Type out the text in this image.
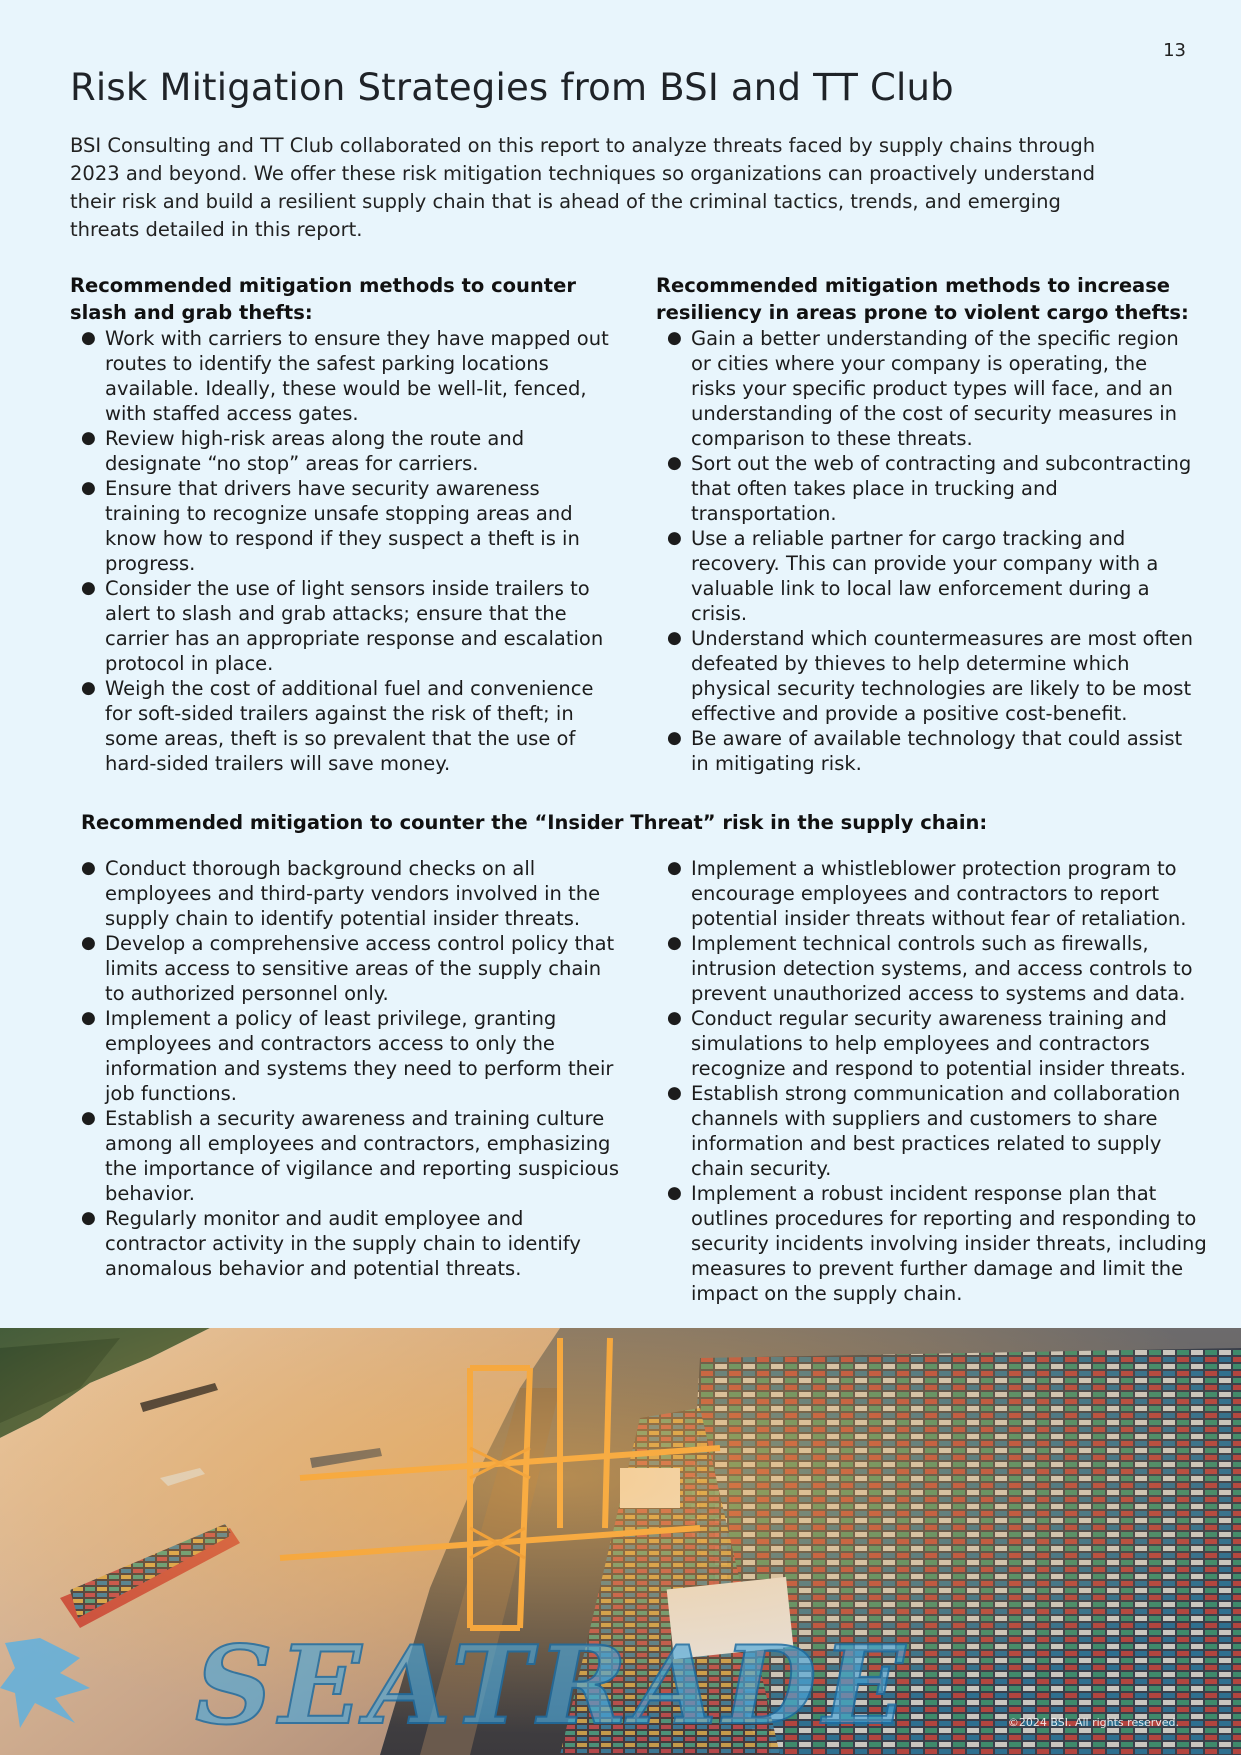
13
Risk Mitigation Strategies from BSI and TT Club

BSI Consulting and TT Club collaborated on this report to analyze threats faced by supply chains through 2023 and beyond. We offer these risk mitigation techniques so organizations can proactively understand their risk and build a resilient supply chain that is ahead of the criminal tactics, trends, and emerging threats detailed in this report.

Recommended mitigation methods to counter slash and grab thefts:
● Work with carriers to ensure they have mapped out routes to identify the safest parking locations available. Ideally, these would be well-lit, fenced, with staffed access gates.
● Review high-risk areas along the route and designate “no stop” areas for carriers.
● Ensure that drivers have security awareness training to recognize unsafe stopping areas and know how to respond if they suspect a theft is in progress.
● Consider the use of light sensors inside trailers to alert to slash and grab attacks; ensure that the carrier has an appropriate response and escalation protocol in place.
● Weigh the cost of additional fuel and convenience for soft-sided trailers against the risk of theft; in some areas, theft is so prevalent that the use of hard-sided trailers will save money.
Recommended mitigation methods to increase resiliency in areas prone to violent cargo thefts:
● Gain a better understanding of the specific region or cities where your company is operating, the risks your specific product types will face, and an understanding of the cost of security measures in comparison to these threats.
● Sort out the web of contracting and subcontracting that often takes place in trucking and transportation.
● Use a reliable partner for cargo tracking and recovery. This can provide your company with a valuable link to local law enforcement during a crisis.
● Understand which countermeasures are most often defeated by thieves to help determine which physical security technologies are likely to be most effective and provide a positive cost-benefit.
● Be aware of available technology that could assist in mitigating risk.
Recommended mitigation to counter the “Insider Threat” risk in the supply chain:
● Conduct thorough background checks on all employees and third-party vendors involved in the supply chain to identify potential insider threats.
● Develop a comprehensive access control policy that limits access to sensitive areas of the supply chain to authorized personnel only.
● Implement a policy of least privilege, granting employees and contractors access to only the information and systems they need to perform their job functions.
● Establish a security awareness and training culture among all employees and contractors, emphasizing the importance of vigilance and reporting suspicious behavior.
● Regularly monitor and audit employee and contractor activity in the supply chain to identify anomalous behavior and potential threats.
● Implement a whistleblower protection program to encourage employees and contractors to report potential insider threats without fear of retaliation.
● Implement technical controls such as firewalls, intrusion detection systems, and access controls to prevent unauthorized access to systems and data.
● Conduct regular security awareness training and simulations to help employees and contractors recognize and respond to potential insider threats.
● Establish strong communication and collaboration channels with suppliers and customers to share information and best practices related to supply chain security.
● Implement a robust incident response plan that outlines procedures for reporting and responding to security incidents involving insider threats, including measures to prevent further damage and limit the impact on the supply chain.
SEATRADE	©2024 BSI. All rights reserved.
